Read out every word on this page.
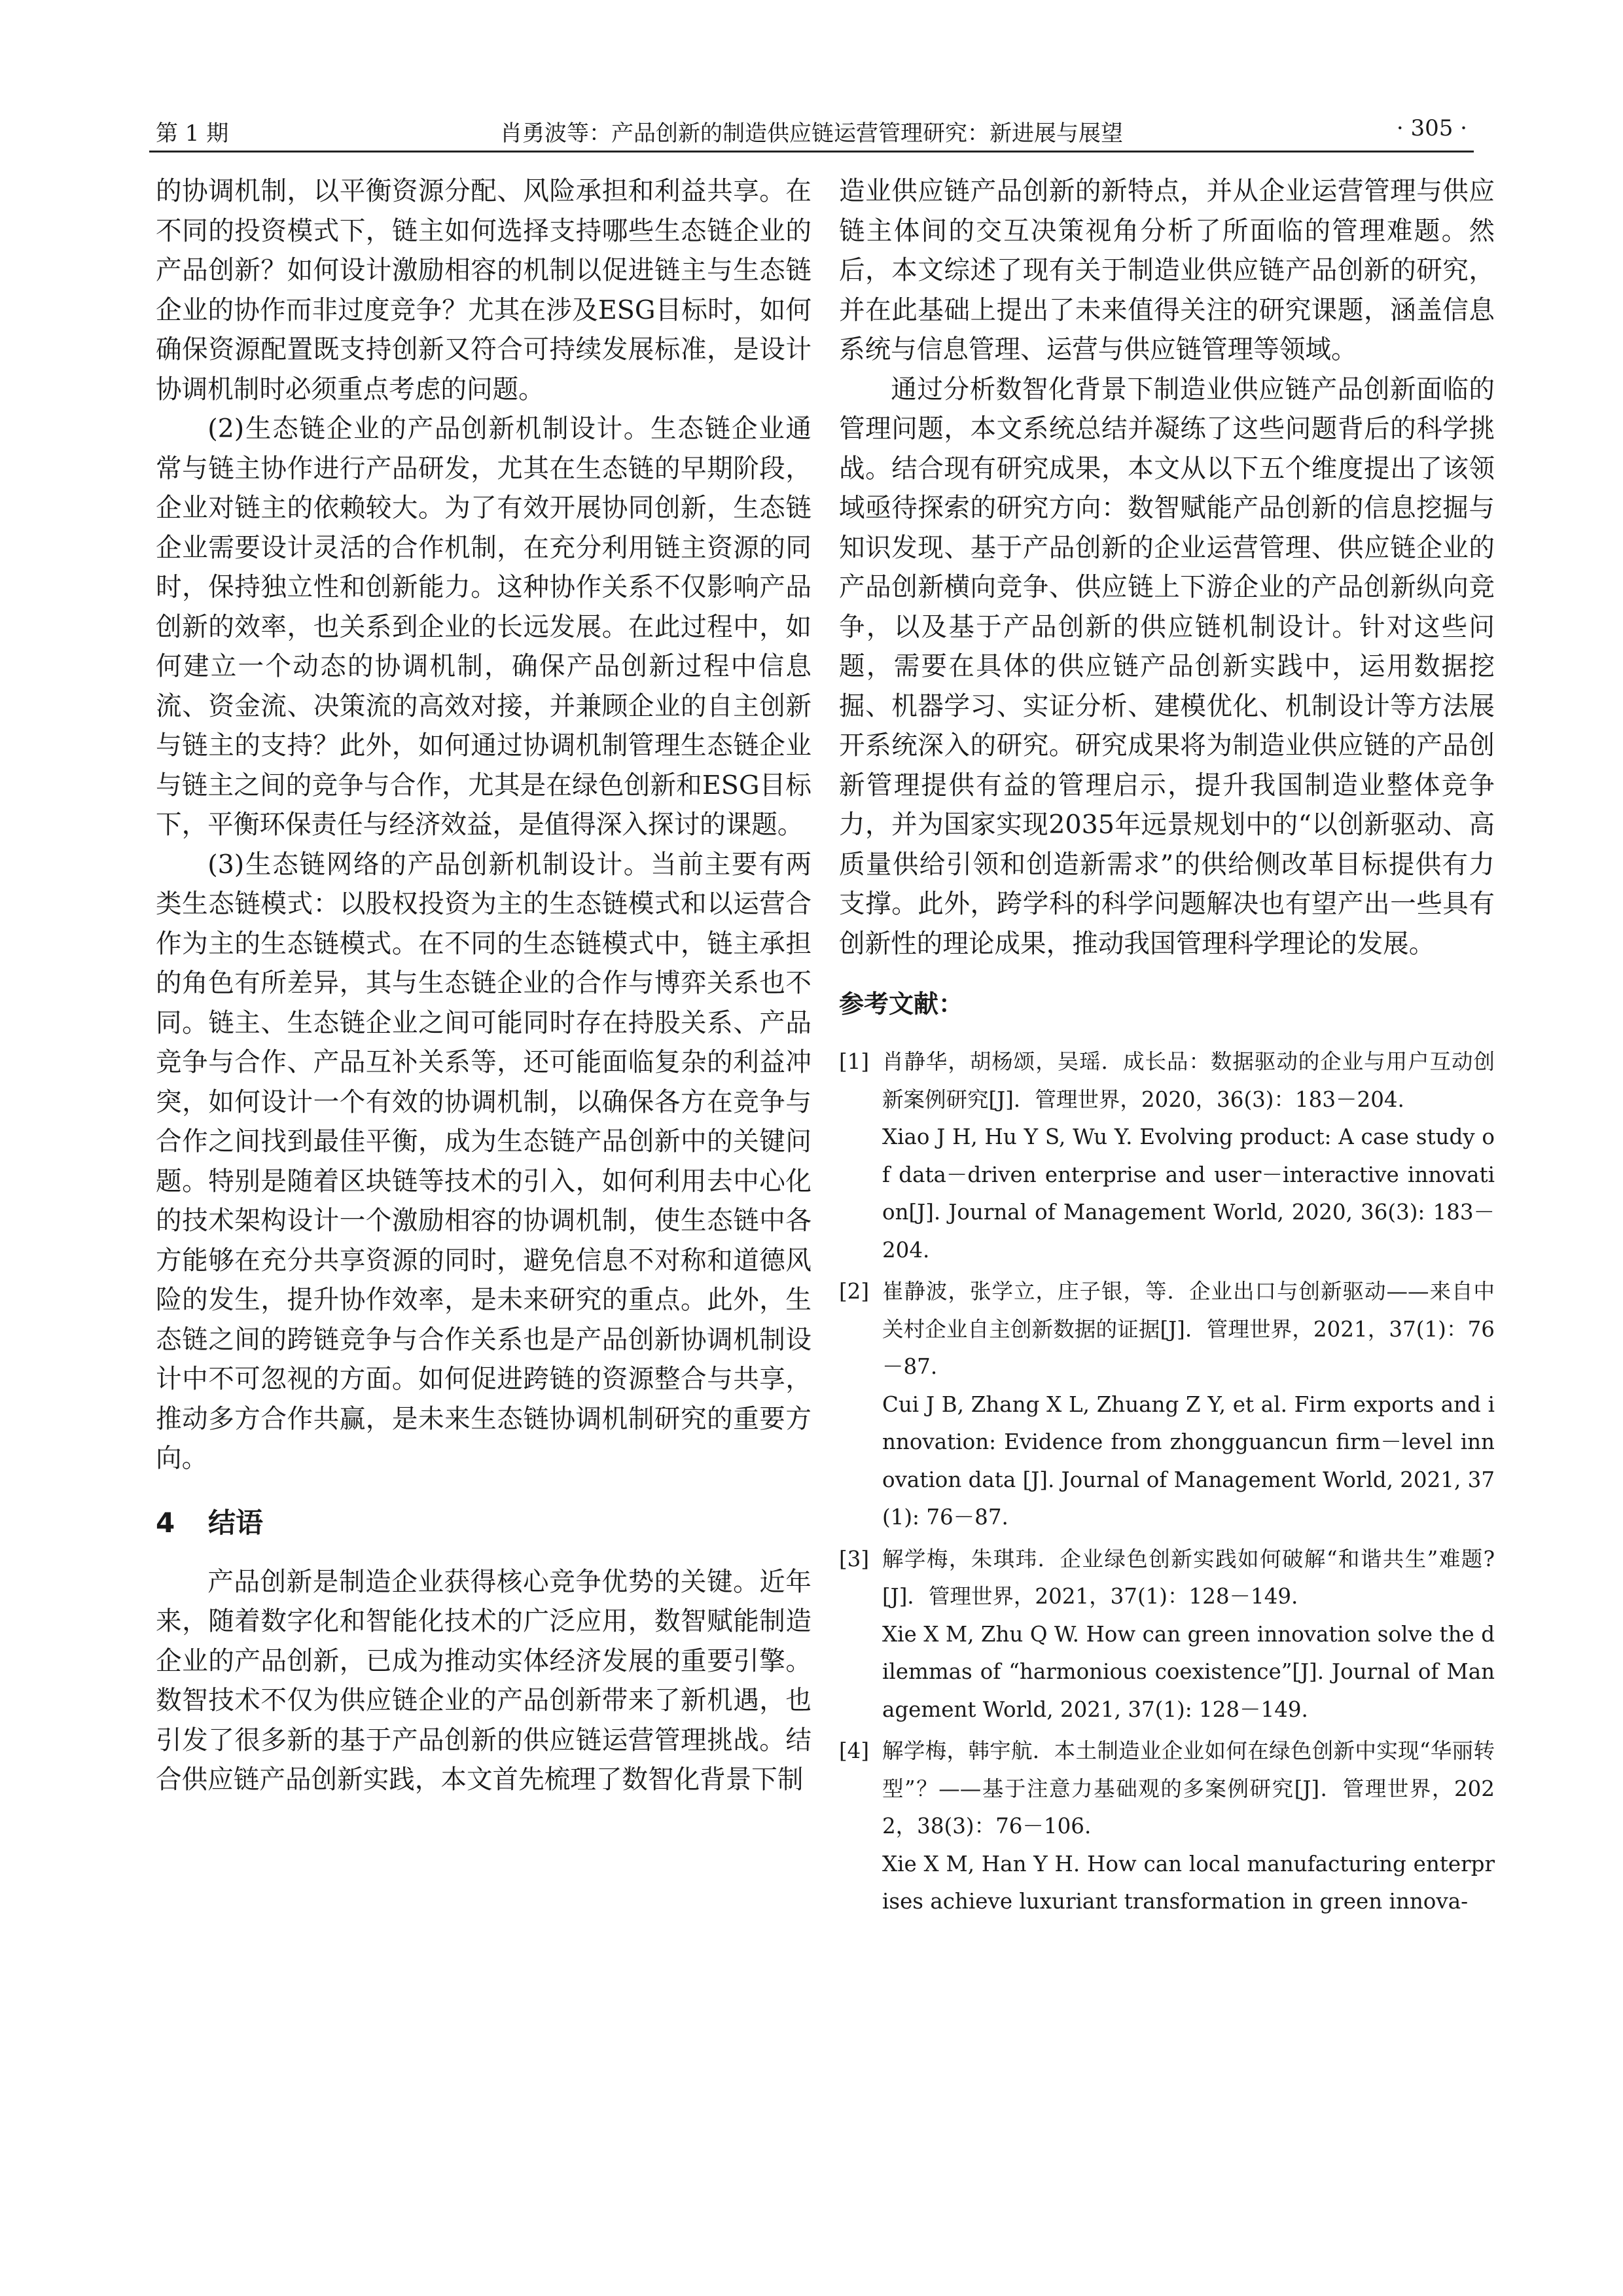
第 1 期	肖勇波等：产品创新的制造供应链运营管理研究：新进展与展望	· 305 ·

的协调机制，以平衡资源分配、风险承担和利益共享。在不同的投资模式下，链主如何选择支持哪些生态链企业的产品创新？如何设计激励相容的机制以促进链主与生态链企业的协作而非过度竞争？尤其在涉及ESG目标时，如何确保资源配置既支持创新又符合可持续发展标准，是设计协调机制时必须重点考虑的问题。

(2)生态链企业的产品创新机制设计。生态链企业通常与链主协作进行产品研发，尤其在生态链的早期阶段，企业对链主的依赖较大。为了有效开展协同创新，生态链企业需要设计灵活的合作机制，在充分利用链主资源的同时，保持独立性和创新能力。这种协作关系不仅影响产品创新的效率，也关系到企业的长远发展。在此过程中，如何建立一个动态的协调机制，确保产品创新过程中信息流、资金流、决策流的高效对接，并兼顾企业的自主创新与链主的支持？此外，如何通过协调机制管理生态链企业与链主之间的竞争与合作，尤其是在绿色创新和ESG目标下，平衡环保责任与经济效益，是值得深入探讨的课题。

(3)生态链网络的产品创新机制设计。当前主要有两类生态链模式：以股权投资为主的生态链模式和以运营合作为主的生态链模式。在不同的生态链模式中，链主承担的角色有所差异，其与生态链企业的合作与博弈关系也不同。链主、生态链企业之间可能同时存在持股关系、产品竞争与合作、产品互补关系等，还可能面临复杂的利益冲突，如何设计一个有效的协调机制，以确保各方在竞争与合作之间找到最佳平衡，成为生态链产品创新中的关键问题。特别是随着区块链等技术的引入，如何利用去中心化的技术架构设计一个激励相容的协调机制，使生态链中各方能够在充分共享资源的同时，避免信息不对称和道德风险的发生，提升协作效率，是未来研究的重点。此外，生态链之间的跨链竞争与合作关系也是产品创新协调机制设计中不可忽视的方面。如何促进跨链的资源整合与共享，推动多方合作共赢，是未来生态链协调机制研究的重要方向。

4 结语

产品创新是制造企业获得核心竞争优势的关键。近年来，随着数字化和智能化技术的广泛应用，数智赋能制造企业的产品创新，已成为推动实体经济发展的重要引擎。数智技术不仅为供应链企业的产品创新带来了新机遇，也引发了很多新的基于产品创新的供应链运营管理挑战。结合供应链产品创新实践，本文首先梳理了数智化背景下制

造业供应链产品创新的新特点，并从企业运营管理与供应链主体间的交互决策视角分析了所面临的管理难题。然后，本文综述了现有关于制造业供应链产品创新的研究，并在此基础上提出了未来值得关注的研究课题，涵盖信息系统与信息管理、运营与供应链管理等领域。

通过分析数智化背景下制造业供应链产品创新面临的管理问题，本文系统总结并凝练了这些问题背后的科学挑战。结合现有研究成果，本文从以下五个维度提出了该领域亟待探索的研究方向：数智赋能产品创新的信息挖掘与知识发现、基于产品创新的企业运营管理、供应链企业的产品创新横向竞争、供应链上下游企业的产品创新纵向竞争，以及基于产品创新的供应链机制设计。针对这些问题，需要在具体的供应链产品创新实践中，运用数据挖掘、机器学习、实证分析、建模优化、机制设计等方法展开系统深入的研究。研究成果将为制造业供应链的产品创新管理提供有益的管理启示，提升我国制造业整体竞争力，并为国家实现2035年远景规划中的“以创新驱动、高质量供给引领和创造新需求”的供给侧改革目标提供有力支撑。此外，跨学科的科学问题解决也有望产出一些具有创新性的理论成果，推动我国管理科学理论的发展。

参考文献：
[1] 肖静华，胡杨颂，吴瑶．成长品：数据驱动的企业与用户互动创新案例研究[J]．管理世界，2020，36(3)：183－204.
Xiao J H, Hu Y S, Wu Y. Evolving product: A case study of data－driven enterprise and user－interactive innovation[J]. Journal of Management World, 2020, 36(3): 183－204.
[2] 崔静波，张学立，庄子银，等．企业出口与创新驱动——来自中关村企业自主创新数据的证据[J]．管理世界，2021，37(1)：76－87.
Cui J B, Zhang X L, Zhuang Z Y, et al. Firm exports and innovation: Evidence from zhongguancun firm－level innovation data [J]. Journal of Management World, 2021, 37(1): 76－87.
[3] 解学梅，朱琪玮．企业绿色创新实践如何破解“和谐共生”难题?[J]．管理世界，2021，37(1)：128－149.
Xie X M, Zhu Q W. How can green innovation solve the dilemmas of “harmonious coexistence”[J]. Journal of Management World, 2021, 37(1): 128－149.
[4] 解学梅，韩宇航．本土制造业企业如何在绿色创新中实现“华丽转型”？——基于注意力基础观的多案例研究[J]．管理世界，2022，38(3)：76－106.
Xie X M, Han Y H. How can local manufacturing enterprises achieve luxuriant transformation in green innova-
